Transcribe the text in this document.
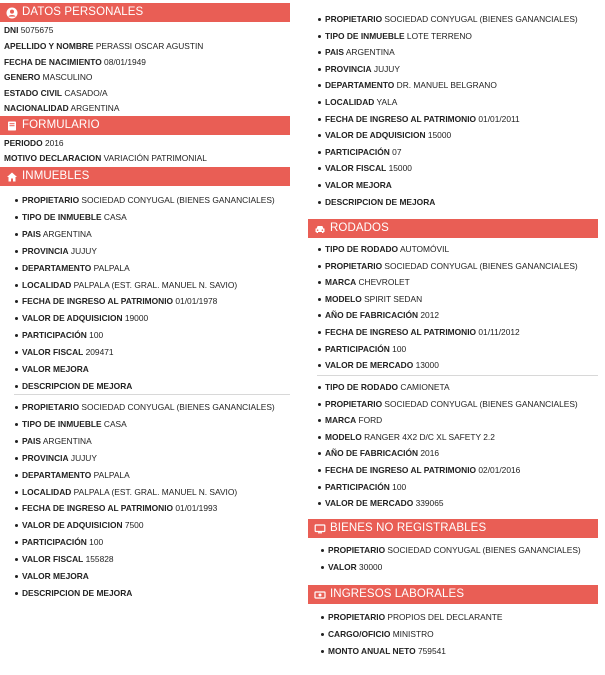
DATOS PERSONALES
DNI 5075675
APELLIDO Y NOMBRE PERASSI OSCAR AGUSTIN
FECHA DE NACIMIENTO 08/01/1949
GENERO MASCULINO
ESTADO CIVIL CASADO/A
NACIONALIDAD ARGENTINA
FORMULARIO
PERIODO 2016
MOTIVO DECLARACION VARIACIÓN PATRIMONIAL
INMUEBLES
PROPIETARIO SOCIEDAD CONYUGAL (BIENES GANANCIALES)
TIPO DE INMUEBLE CASA
PAIS ARGENTINA
PROVINCIA JUJUY
DEPARTAMENTO PALPALA
LOCALIDAD PALPALA (EST. GRAL. MANUEL N. SAVIO)
FECHA DE INGRESO AL PATRIMONIO 01/01/1978
VALOR DE ADQUISICION 19000
PARTICIPACIÓN 100
VALOR FISCAL 209471
VALOR MEJORA
DESCRIPCION DE MEJORA
PROPIETARIO SOCIEDAD CONYUGAL (BIENES GANANCIALES)
TIPO DE INMUEBLE CASA
PAIS ARGENTINA
PROVINCIA JUJUY
DEPARTAMENTO PALPALA
LOCALIDAD PALPALA (EST. GRAL. MANUEL N. SAVIO)
FECHA DE INGRESO AL PATRIMONIO 01/01/1993
VALOR DE ADQUISICION 7500
PARTICIPACIÓN 100
VALOR FISCAL 155828
VALOR MEJORA
DESCRIPCION DE MEJORA
PROPIETARIO SOCIEDAD CONYUGAL (BIENES GANANCIALES)
TIPO DE INMUEBLE LOTE TERRENO
PAIS ARGENTINA
PROVINCIA JUJUY
DEPARTAMENTO DR. MANUEL BELGRANO
LOCALIDAD YALA
FECHA DE INGRESO AL PATRIMONIO 01/01/2011
VALOR DE ADQUISICION 15000
PARTICIPACIÓN 07
VALOR FISCAL 15000
VALOR MEJORA
DESCRIPCION DE MEJORA
RODADOS
TIPO DE RODADO AUTOMÓVIL
PROPIETARIO SOCIEDAD CONYUGAL (BIENES GANANCIALES)
MARCA CHEVROLET
MODELO SPIRIT SEDAN
AÑO DE FABRICACIÓN 2012
FECHA DE INGRESO AL PATRIMONIO 01/11/2012
PARTICIPACIÓN 100
VALOR DE MERCADO 13000
TIPO DE RODADO CAMIONETA
PROPIETARIO SOCIEDAD CONYUGAL (BIENES GANANCIALES)
MARCA FORD
MODELO RANGER 4X2 D/C XL SAFETY 2.2
AÑO DE FABRICACIÓN 2016
FECHA DE INGRESO AL PATRIMONIO 02/01/2016
PARTICIPACIÓN 100
VALOR DE MERCADO 339065
BIENES NO REGISTRABLES
PROPIETARIO SOCIEDAD CONYUGAL (BIENES GANANCIALES)
VALOR 30000
INGRESOS LABORALES
PROPIETARIO PROPIOS DEL DECLARANTE
CARGO/OFICIO MINISTRO
MONTO ANUAL NETO 759541
